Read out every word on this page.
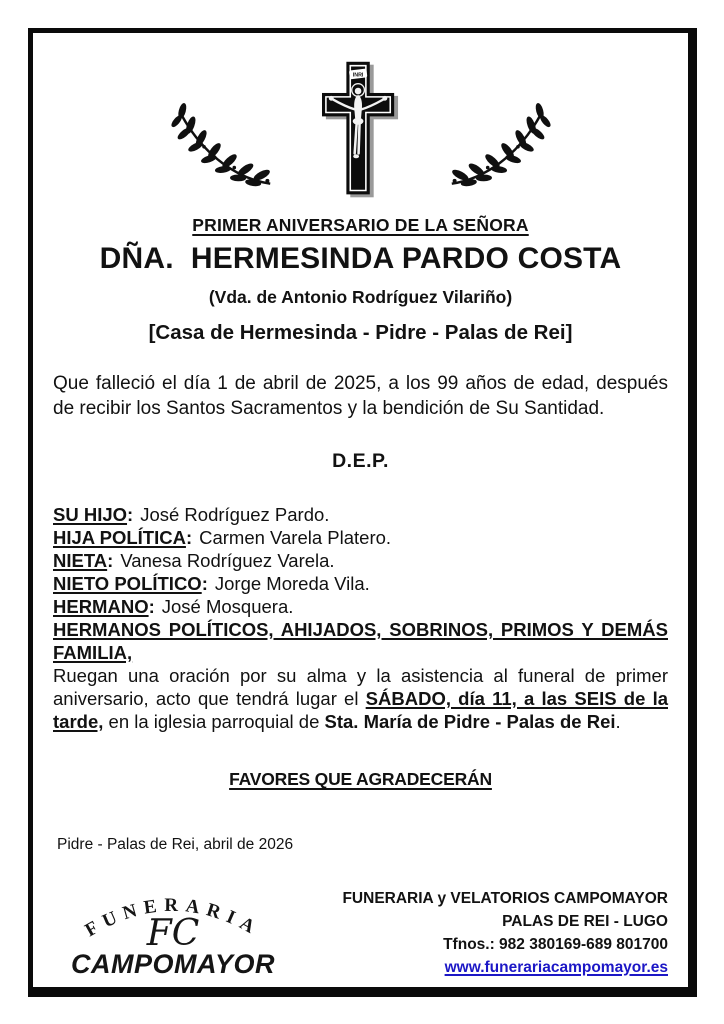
INRI
PRIMER ANIVERSARIO DE LA SEÑORA
DÑA.  HERMESINDA PARDO COSTA
(Vda. de Antonio Rodríguez Vilariño)
[Casa de Hermesinda - Pidre - Palas de Rei]

Que falleció el día 1 de abril de 2025, a los 99 años de edad, después de recibir los Santos Sacramentos y la bendición de Su Santidad.

D.E.P.
SU HIJO: José Rodríguez Pardo.
HIJA POLÍTICA: Carmen Varela Platero.
NIETA: Vanesa Rodríguez Varela.
NIETO POLÍTICO: Jorge Moreda Vila.
HERMANO: José Mosquera.
HERMANOS POLÍTICOS, AHIJADOS, SOBRINOS, PRIMOS Y DEMÁS FAMILIA,

Ruegan una oración por su alma y la asistencia al funeral de primer aniversario, acto que tendrá lugar el SÁBADO, día 11, a las SEIS de la tarde, en la iglesia parroquial de Sta. María de Pidre - Palas de Rei.

FAVORES QUE AGRADECERÁN
Pidre - Palas de Rei, abril de 2026
FUNERARIA
FC
CAMPOMAYOR
FUNERARIA y VELATORIOS CAMPOMAYOR
PALAS DE REI - LUGO
Tfnos.: 982 380169-689 801700
www.funerariacampomayor.es
